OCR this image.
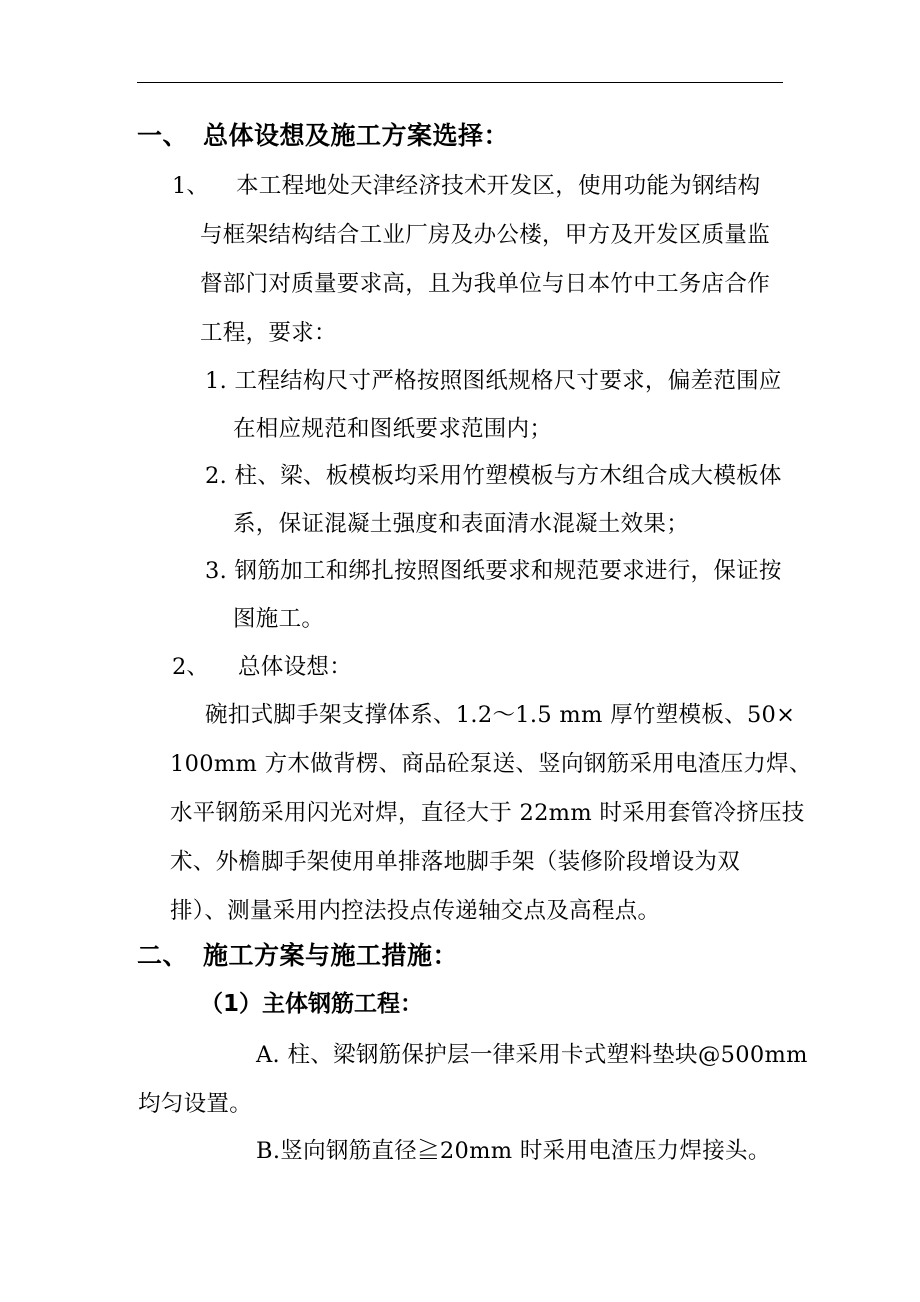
一、 总体设想及施工方案选择：
1、 本工程地处天津经济技术开发区，使用功能为钢结构
与框架结构结合工业厂房及办公楼，甲方及开发区质量监
督部门对质量要求高，且为我单位与日本竹中工务店合作
工程，要求：
1. 工程结构尺寸严格按照图纸规格尺寸要求，偏差范围应
在相应规范和图纸要求范围内；
2. 柱、梁、板模板均采用竹塑模板与方木组合成大模板体
系，保证混凝土强度和表面清水混凝土效果；
3. 钢筋加工和绑扎按照图纸要求和规范要求进行，保证按
图施工。
2、 总体设想：
碗扣式脚手架支撑体系、1.2～1.5 mm 厚竹塑模板、50×
100mm 方木做背楞、商品砼泵送、竖向钢筋采用电渣压力焊、
水平钢筋采用闪光对焊，直径大于 22mm 时采用套管冷挤压技
术、外檐脚手架使用单排落地脚手架（装修阶段增设为双
排）、测量采用内控法投点传递轴交点及高程点。
二、 施工方案与施工措施：
（1）主体钢筋工程：
A. 柱、梁钢筋保护层一律采用卡式塑料垫块@500mm
均匀设置。
B.竖向钢筋直径≧20mm 时采用电渣压力焊接头。
